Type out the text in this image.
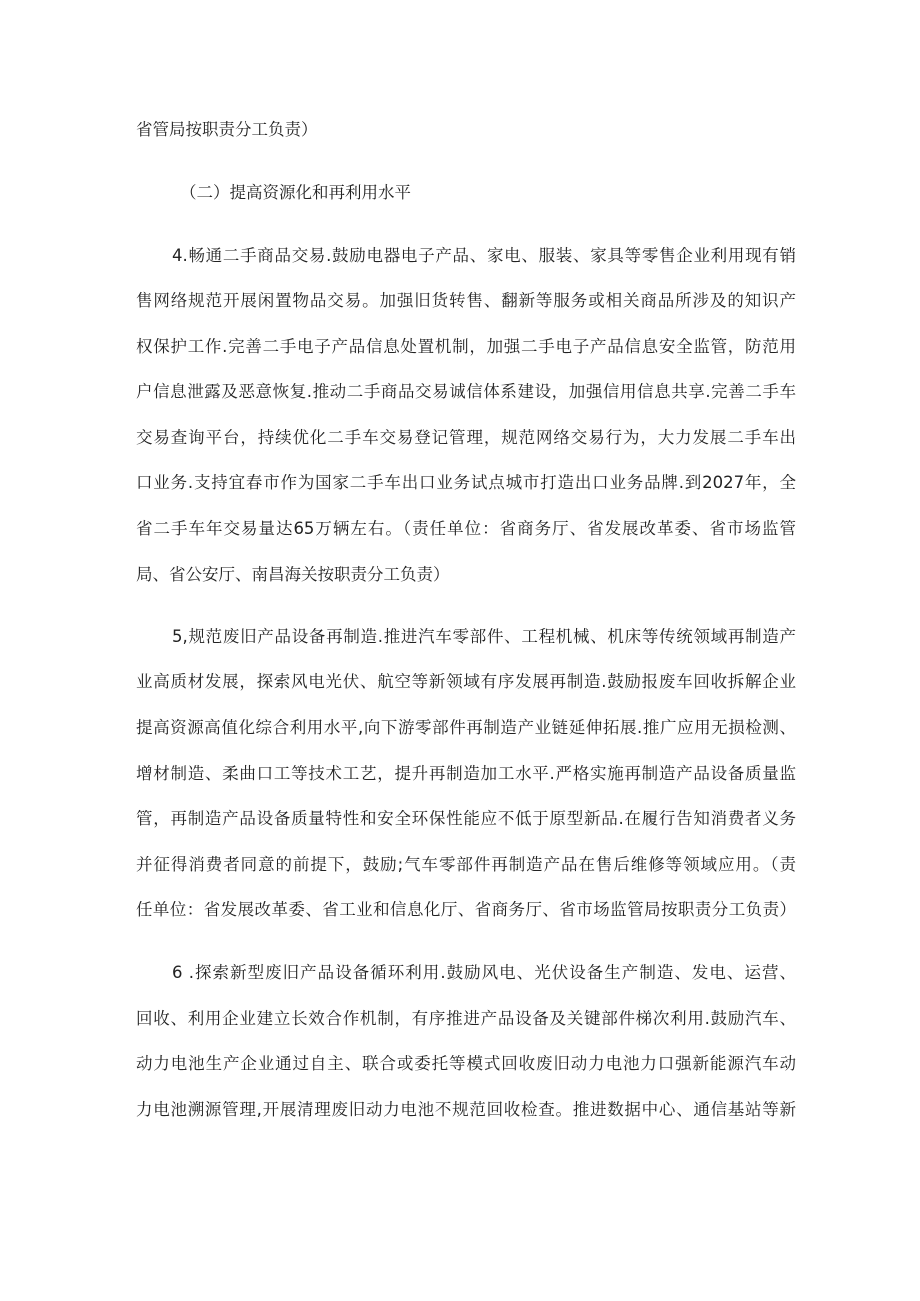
省管局按职责分工负责）
（二）提高资源化和再利用水平
4.畅通二手商品交易.鼓励电器电子产品、家电、服装、家具等零售企业利用现有销
售网络规范开展闲置物品交易。加强旧货转售、翻新等服务或相关商品所涉及的知识产
权保护工作.完善二手电子产品信息处置机制，加强二手电子产品信息安全监管，防范用
户信息泄露及恶意恢复.推动二手商品交易诚信体系建设，加强信用信息共享.完善二手车
交易查询平台，持续优化二手车交易登记管理，规范网络交易行为，大力发展二手车出
口业务.支持宜春市作为国家二手车出口业务试点城市打造出口业务品牌.到2027年，全
省二手车年交易量达65万辆左右。（责任单位：省商务厅、省发展改革委、省市场监管
局、省公安厅、南昌海关按职责分工负责）
5,规范废旧产品设备再制造.推进汽车零部件、工程机械、机床等传统领域再制造产
业高质材发展，探索风电光伏、航空等新领域有序发展再制造.鼓励报废车回收拆解企业
提高资源高值化综合利用水平,向下游零部件再制造产业链延伸拓展.推广应用无损检测、
增材制造、柔曲口工等技术工艺，提升再制造加工水平.严格实施再制造产品设备质量监
管，再制造产品设备质量特性和安全环保性能应不低于原型新品.在履行告知消费者义务
并征得消费者同意的前提下，鼓励;气车零部件再制造产品在售后维修等领域应用。（责
任单位：省发展改革委、省工业和信息化厅、省商务厅、省市场监管局按职责分工负责）
6 .探索新型废旧产品设备循环利用.鼓励风电、光伏设备生产制造、发电、运营、
回收、利用企业建立长效合作机制，有序推进产品设备及关键部件梯次利用.鼓励汽车、
动力电池生产企业通过自主、联合或委托等模式回收废旧动力电池力口强新能源汽车动
力电池溯源管理,开展清理废旧动力电池不规范回收检查。推进数据中心、通信基站等新
